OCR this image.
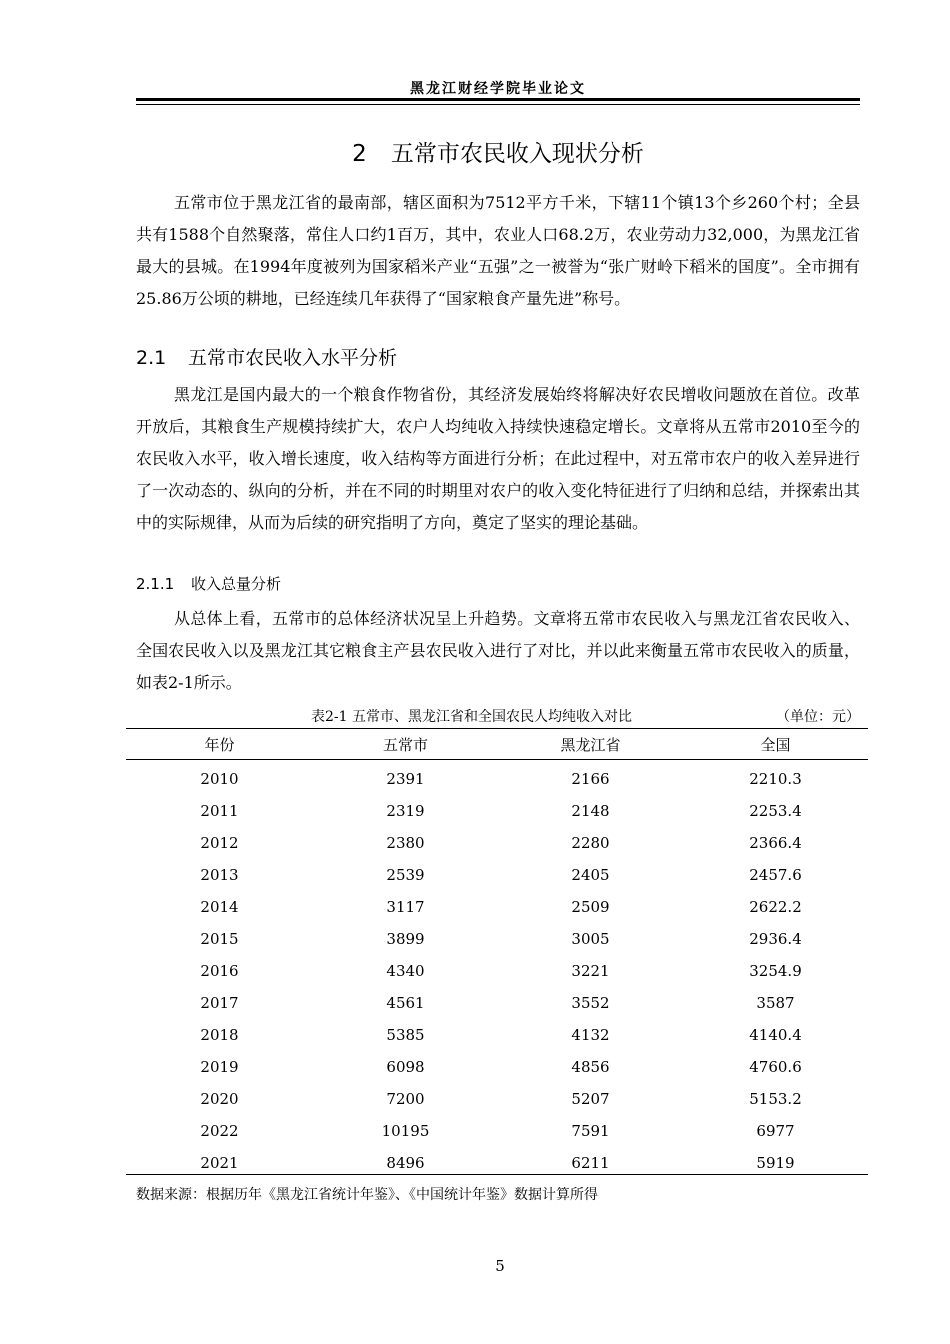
黑龙江财经学院毕业论文
2 五常市农民收入现状分析

五常市位于黑龙江省的最南部，辖区面积为7512平方千米，下辖11个镇13个乡260个村；全县共有1588个自然聚落，常住人口约1百万，其中，农业人口68.2万，农业劳动力32,000，为黑龙江省最大的县城。在1994年度被列为国家稻米产业“五强”之一被誉为“张广财岭下稻米的国度”。全市拥有25.86万公顷的耕地，已经连续几年获得了“国家粮食产量先进”称号。

2.1 五常市农民收入水平分析

黑龙江是国内最大的一个粮食作物省份，其经济发展始终将解决好农民增收问题放在首位。改革开放后，其粮食生产规模持续扩大，农户人均纯收入持续快速稳定增长。文章将从五常市2010至今的农民收入水平，收入增长速度，收入结构等方面进行分析；在此过程中，对五常市农户的收入差异进行了一次动态的、纵向的分析，并在不同的时期里对农户的收入变化特征进行了归纳和总结，并探索出其中的实际规律，从而为后续的研究指明了方向，奠定了坚实的理论基础。

2.1.1 收入总量分析

从总体上看，五常市的总体经济状况呈上升趋势。文章将五常市农民收入与黑龙江省农民收入、全国农民收入以及黑龙江其它粮食主产县农民收入进行了对比，并以此来衡量五常市农民收入的质量，如表2-1所示。

表2-1 五常市、黑龙江省和全国农民人均纯收入对比	（单位：元）
年份	五常市	黑龙江省	全国
2010	2391	2166	2210.3
2011	2319	2148	2253.4
2012	2380	2280	2366.4
2013	2539	2405	2457.6
2014	3117	2509	2622.2
2015	3899	3005	2936.4
2016	4340	3221	3254.9
2017	4561	3552	3587
2018	5385	4132	4140.4
2019	6098	4856	4760.6
2020	7200	5207	5153.2
2022	10195	7591	6977
2021	8496	6211	5919
数据来源：根据历年《黑龙江省统计年鉴》、《中国统计年鉴》数据计算所得
5
